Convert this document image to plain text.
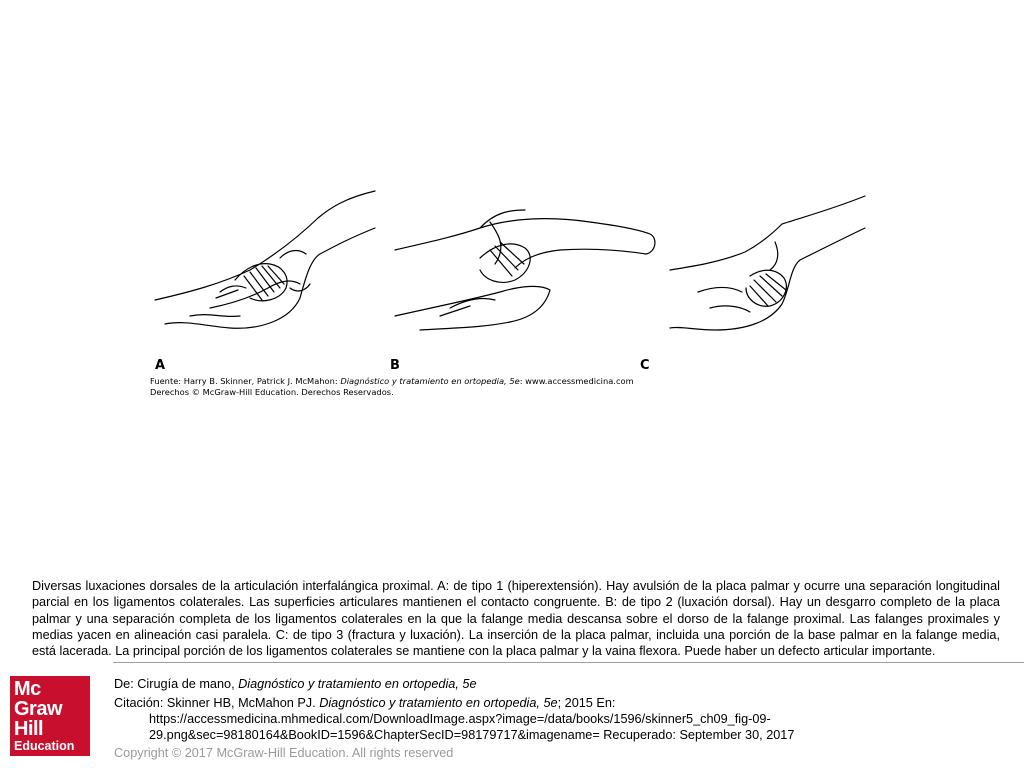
A	B	C
Fuente: Harry B. Skinner, Patrick J. McMahon: Diagnóstico y tratamiento en ortopedia, 5e: www.accessmedicina.com
Derechos © McGraw-Hill Education. Derechos Reservados.
Diversas luxaciones dorsales de la articulación interfalángica proximal. A: de tipo 1 (hiperextensión). Hay avulsión de la placa palmar y ocurre una separación longitudinal parcial en los ligamentos colaterales. Las superficies articulares mantienen el contacto congruente. B: de tipo 2 (luxación dorsal). Hay un desgarro completo de la placa palmar y una separación completa de los ligamentos colaterales en la que la falange media descansa sobre el dorso de la falange proximal. Las falanges proximales y medias yacen en alineación casi paralela. C: de tipo 3 (fractura y luxación). La inserción de la placa palmar, incluida una porción de la base palmar en la falange media, está lacerada. La principal porción de los ligamentos colaterales se mantiene con la placa palmar y la vaina flexora. Puede haber un defecto articular importante.
Mc
Graw
Hill
Education
De: Cirugía de mano, Diagnóstico y tratamiento en ortopedia, 5e
Citación: Skinner HB, McMahon PJ. Diagnóstico y tratamiento en ortopedia, 5e; 2015 En:
https://accessmedicina.mhmedical.com/DownloadImage.aspx?image=/data/books/1596/skinner5_ch09_fig-09-
29.png&sec=98180164&BookID=1596&ChapterSecID=98179717&imagename= Recuperado: September 30, 2017
Copyright © 2017 McGraw-Hill Education. All rights reserved
